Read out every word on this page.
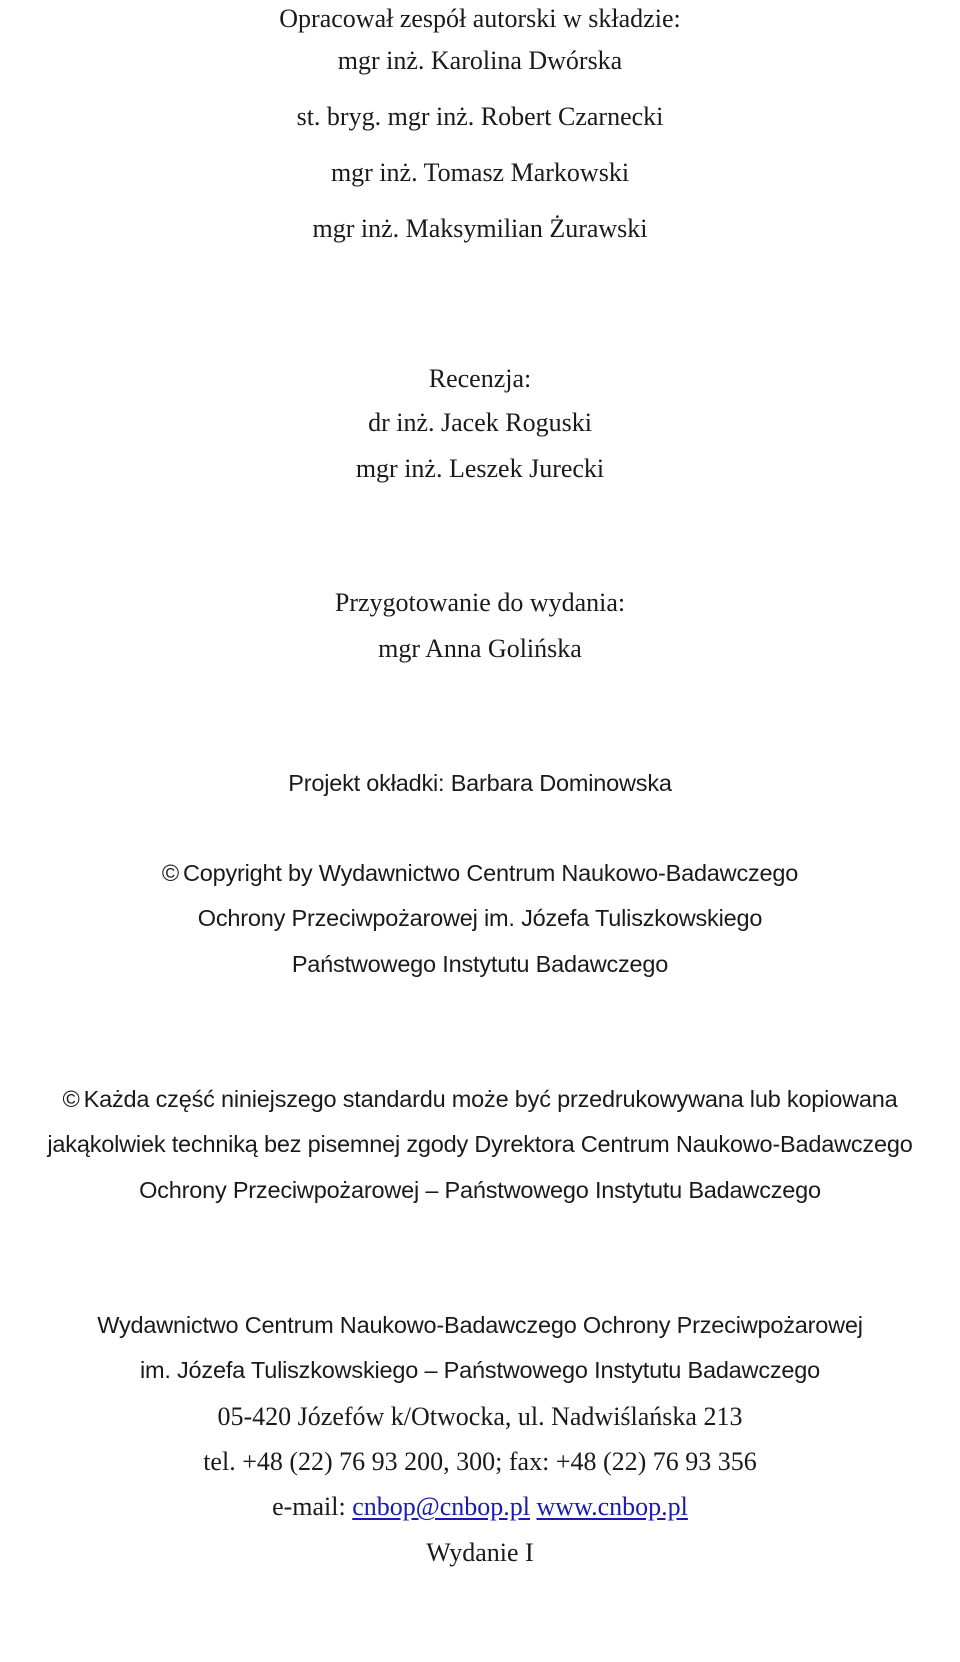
Opracował zespół autorski w składzie:
mgr inż. Karolina Dwórska
st. bryg. mgr inż. Robert Czarnecki
mgr inż. Tomasz Markowski
mgr inż. Maksymilian Żurawski
Recenzja:
dr inż. Jacek Roguski
mgr inż. Leszek Jurecki
Przygotowanie do wydania:
mgr Anna Golińska
Projekt okładki: Barbara Dominowska
© Copyright by Wydawnictwo Centrum Naukowo-Badawczego
Ochrony Przeciwpożarowej im. Józefa Tuliszkowskiego
Państwowego Instytutu Badawczego
© Każda część niniejszego standardu może być przedrukowywana lub kopiowana
jakąkolwiek techniką bez pisemnej zgody Dyrektora Centrum Naukowo-Badawczego
Ochrony Przeciwpożarowej – Państwowego Instytutu Badawczego
Wydawnictwo Centrum Naukowo-Badawczego Ochrony Przeciwpożarowej
im. Józefa Tuliszkowskiego – Państwowego Instytutu Badawczego
05-420 Józefów k/Otwocka, ul. Nadwiślańska 213
tel. +48 (22) 76 93 200, 300; fax: +48 (22) 76 93 356
e-mail: cnbop@cnbop.pl www.cnbop.pl
Wydanie I
